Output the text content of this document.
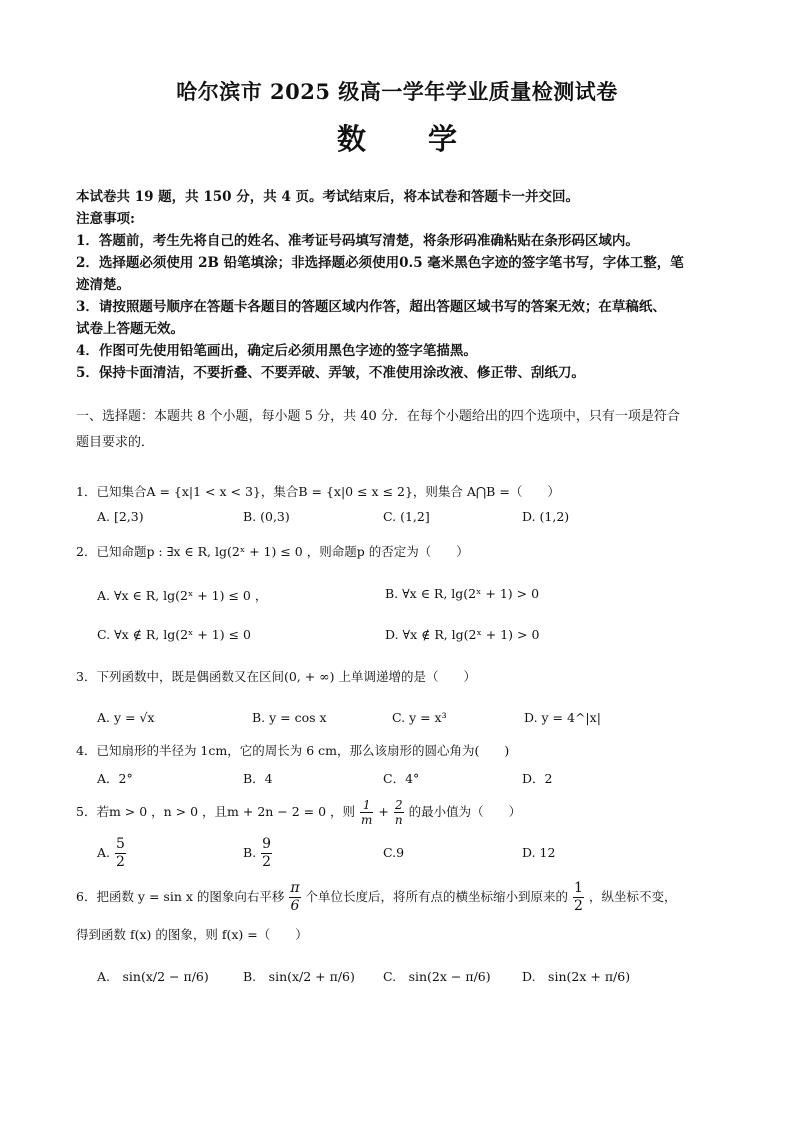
哈尔滨市 2025 级高一学年学业质量检测试卷
数 学

本试卷共 19 题，共 150 分，共 4 页。考试结束后，将本试卷和答题卡一并交回。

注意事项:

1．答题前，考生先将自己的姓名、准考证号码填写清楚，将条形码准确粘贴在条形码区域内。

2．选择题必须使用 2B 铅笔填涂；非选择题必须使用0.5 毫米黑色字迹的签字笔书写，字体工整，笔

迹清楚。

3．请按照题号顺序在答题卡各题目的答题区域内作答，超出答题区域书写的答案无效；在草稿纸、

试卷上答题无效。

4．作图可先使用铅笔画出，确定后必须用黑色字迹的签字笔描黑。

5．保持卡面清洁，不要折叠、不要弄破、弄皱，不准使用涂改液、修正带、刮纸刀。

一、选择题：本题共 8 个小题，每小题 5 分，共 40 分．在每个小题给出的四个选项中，只有一项是符合
题目要求的．
1．已知集合A = {x|1 < x < 3}，集合B = {x|0 ≤ x ≤ 2}，则集合 A⋂B =（　　）
A. [2,3)	B. (0,3)	C. (1,2]	D. (1,2)
2．已知命题p : ∃x ∈ R, lg(2ˣ + 1) ≤ 0 ，则命题p 的否定为（　　）
A. ∀x ∈ R, lg(2ˣ + 1) ≤ 0 ，	B. ∀x ∈ R, lg(2ˣ + 1) > 0
C. ∀x ∉ R, lg(2ˣ + 1) ≤ 0	D. ∀x ∉ R, lg(2ˣ + 1) > 0
3．下列函数中，既是偶函数又在区间(0, + ∞) 上单调递增的是（　　）
A. y = √x	B. y = cos x	C. y = x³	D. y = 4^|x|
4．已知扇形的半径为 1cm，它的周长为 6 cm，那么该扇形的圆心角为(　　)
A．2°	B．4	C．4°	D．2
5．若m > 0 ，n > 0 ，且m + 2n − 2 = 0 ，则 $\frac{1}{m} + \frac{2}{n}$ 的最小值为（　　）
A. $\frac{5}{2}$	B. $\frac{9}{2}$	C.9	D. 12
6．把函数 y = sin x 的图象向右平移 $\frac{\pi}{6}$ 个单位长度后，将所有点的横坐标缩小到原来的 $\frac{1}{2}$ ，纵坐标不变，
得到函数 f(x) 的图象，则 f(x) =（　　）
A.　sin(x/2 − π/6)	B.　sin(x/2 + π/6) C.　sin(2x − π/6)	D.　sin(2x + π/6)
